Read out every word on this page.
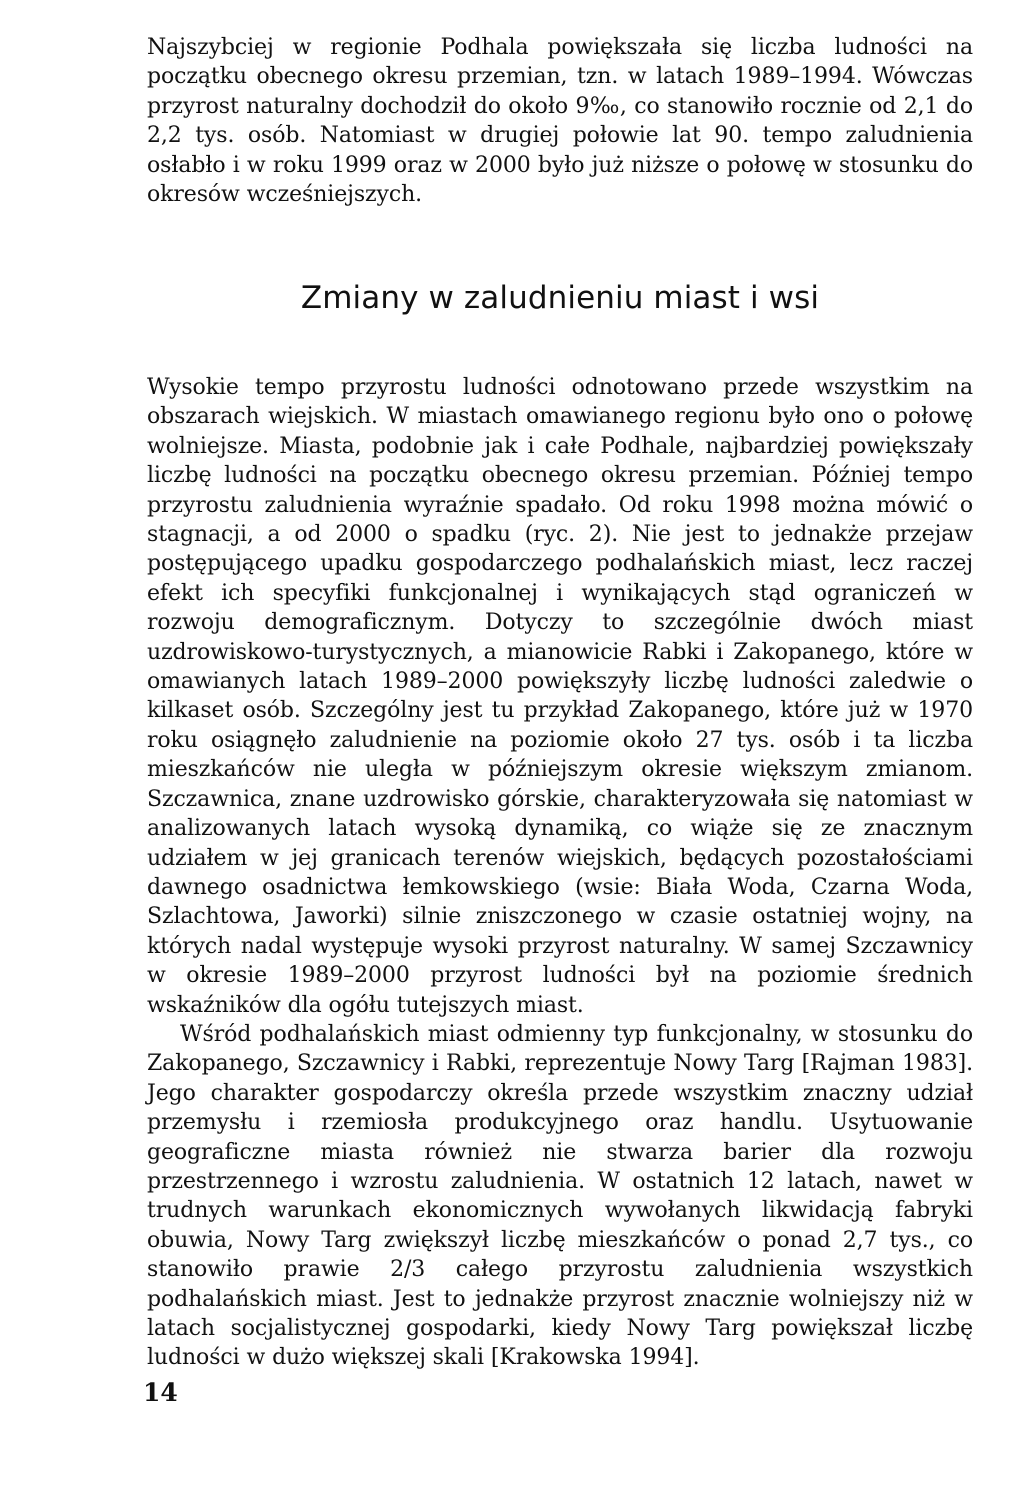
Najszybciej w regionie Podhala powiększała się liczba ludności na początku obecnego okresu przemian, tzn. w latach 1989–1994. Wówczas przyrost naturalny dochodził do około 9‰, co stanowiło rocznie od 2,1 do 2,2 tys. osób. Natomiast w drugiej połowie lat 90. tempo zaludnienia osłabło i w roku 1999 oraz w 2000 było już niższe o połowę w stosunku do okresów wcześniejszych.

Zmiany w zaludnieniu miast i wsi

Wysokie tempo przyrostu ludności odnotowano przede wszystkim na obszarach wiejskich. W miastach omawianego regionu było ono o połowę wolniejsze. Miasta, podobnie jak i całe Podhale, najbardziej powiększały liczbę ludności na początku obecnego okresu przemian. Później tempo przyrostu zaludnienia wyraźnie spadało. Od roku 1998 można mówić o stagnacji, a od 2000 o spadku (ryc. 2). Nie jest to jednakże przejaw postępującego upadku gospodarczego podhalańskich miast, lecz raczej efekt ich specyfiki funkcjonalnej i wynikających stąd ograniczeń w rozwoju demograficznym. Dotyczy to szczególnie dwóch miast uzdrowiskowo-turystycznych, a mianowicie Rabki i Zakopanego, które w omawianych latach 1989–2000 powiększyły liczbę ludności zaledwie o kilkaset osób. Szczególny jest tu przykład Zakopanego, które już w 1970 roku osiągnęło zaludnienie na poziomie około 27 tys. osób i ta liczba mieszkańców nie uległa w późniejszym okresie większym zmianom. Szczawnica, znane uzdrowisko górskie, charakteryzowała się natomiast w analizowanych latach wysoką dynamiką, co wiąże się ze znacznym udziałem w jej granicach terenów wiejskich, będących pozostałościami dawnego osadnictwa łemkowskiego (wsie: Biała Woda, Czarna Woda, Szlachtowa, Jaworki) silnie zniszczonego w czasie ostatniej wojny, na których nadal występuje wysoki przyrost naturalny. W samej Szczawnicy w okresie 1989–2000 przyrost ludności był na poziomie średnich wskaźników dla ogółu tutejszych miast.

Wśród podhalańskich miast odmienny typ funkcjonalny, w stosunku do Zakopanego, Szczawnicy i Rabki, reprezentuje Nowy Targ [Rajman 1983]. Jego charakter gospodarczy określa przede wszystkim znaczny udział przemysłu i rzemiosła produkcyjnego oraz handlu. Usytuowanie geograficzne miasta również nie stwarza barier dla rozwoju przestrzennego i wzrostu zaludnienia. W ostatnich 12 latach, nawet w trudnych warunkach ekonomicznych wywołanych likwidacją fabryki obuwia, Nowy Targ zwiększył liczbę mieszkańców o ponad 2,7 tys., co stanowiło prawie 2/3 całego przyrostu zaludnienia wszystkich podhalańskich miast. Jest to jednakże przyrost znacznie wolniejszy niż w latach socjalistycznej gospodarki, kiedy Nowy Targ powiększał liczbę ludności w dużo większej skali [Krakowska 1994].

14
